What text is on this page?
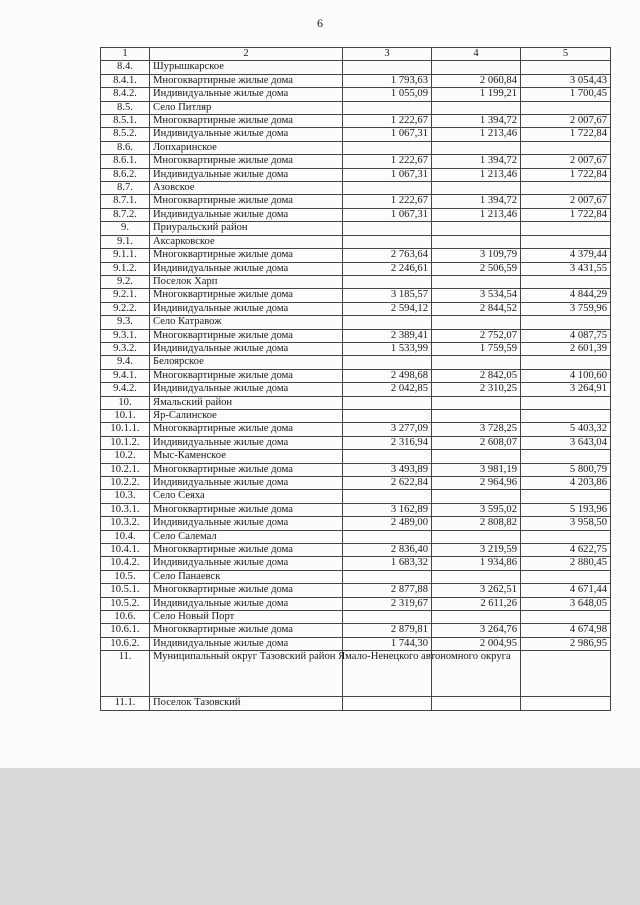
6
1	2	3	4	5
8.4.	Шурышкарское			
8.4.1.	Многоквартирные жилые дома	1 793,63	2 060,84	3 054,43
8.4.2.	Индивидуальные жилые дома	1 055,09	1 199,21	1 700,45
8.5.	Село Питляр			
8.5.1.	Многоквартирные жилые дома	1 222,67	1 394,72	2 007,67
8.5.2.	Индивидуальные жилые дома	1 067,31	1 213,46	1 722,84
8.6.	Лопхаринское			
8.6.1.	Многоквартирные жилые дома	1 222,67	1 394,72	2 007,67
8.6.2.	Индивидуальные жилые дома	1 067,31	1 213,46	1 722,84
8.7.	Азовское			
8.7.1.	Многоквартирные жилые дома	1 222,67	1 394,72	2 007,67
8.7.2.	Индивидуальные жилые дома	1 067,31	1 213,46	1 722,84
9.	Приуральский район			
9.1.	Аксарковское			
9.1.1.	Многоквартирные жилые дома	2 763,64	3 109,79	4 379,44
9.1.2.	Индивидуальные жилые дома	2 246,61	2 506,59	3 431,55
9.2.	Поселок Харп			
9.2.1.	Многоквартирные жилые дома	3 185,57	3 534,54	4 844,29
9.2.2.	Индивидуальные жилые дома	2 594,12	2 844,52	3 759,96
9.3.	Село Катравож			
9.3.1.	Многоквартирные жилые дома	2 389,41	2 752,07	4 087,75
9.3.2.	Индивидуальные жилые дома	1 533,99	1 759,59	2 601,39
9.4.	Белоярское			
9.4.1.	Многоквартирные жилые дома	2 498,68	2 842,05	4 100,60
9.4.2.	Индивидуальные жилые дома	2 042,85	2 310,25	3 264,91
10.	Ямальский район			
10.1.	Яр-Салинское			
10.1.1.	Многоквартирные жилые дома	3 277,09	3 728,25	5 403,32
10.1.2.	Индивидуальные жилые дома	2 316,94	2 608,07	3 643,04
10.2.	Мыс-Каменское			
10.2.1.	Многоквартирные жилые дома	3 493,89	3 981,19	5 800,79
10.2.2.	Индивидуальные жилые дома	2 622,84	2 964,96	4 203,86
10.3.	Село Сеяха			
10.3.1.	Многоквартирные жилые дома	3 162,89	3 595,02	5 193,96
10.3.2.	Индивидуальные жилые дома	2 489,00	2 808,82	3 958,50
10.4.	Село Салемал			
10.4.1.	Многоквартирные жилые дома	2 836,40	3 219,59	4 622,75
10.4.2.	Индивидуальные жилые дома	1 683,32	1 934,86	2 880,45
10.5.	Село Панаевск			
10.5.1.	Многоквартирные жилые дома	2 877,88	3 262,51	4 671,44
10.5.2.	Индивидуальные жилые дома	2 319,67	2 611,26	3 648,05
10.6.	Село Новый Порт			
10.6.1.	Многоквартирные жилые дома	2 879,81	3 264,76	4 674,98
10.6.2.	Индивидуальные жилые дома	1 744,30	2 004,95	2 986,95
11.	Муниципальный округ Тазовский район Ямало-Ненецкого автономного округа			
11.1.	Поселок Тазовский			
